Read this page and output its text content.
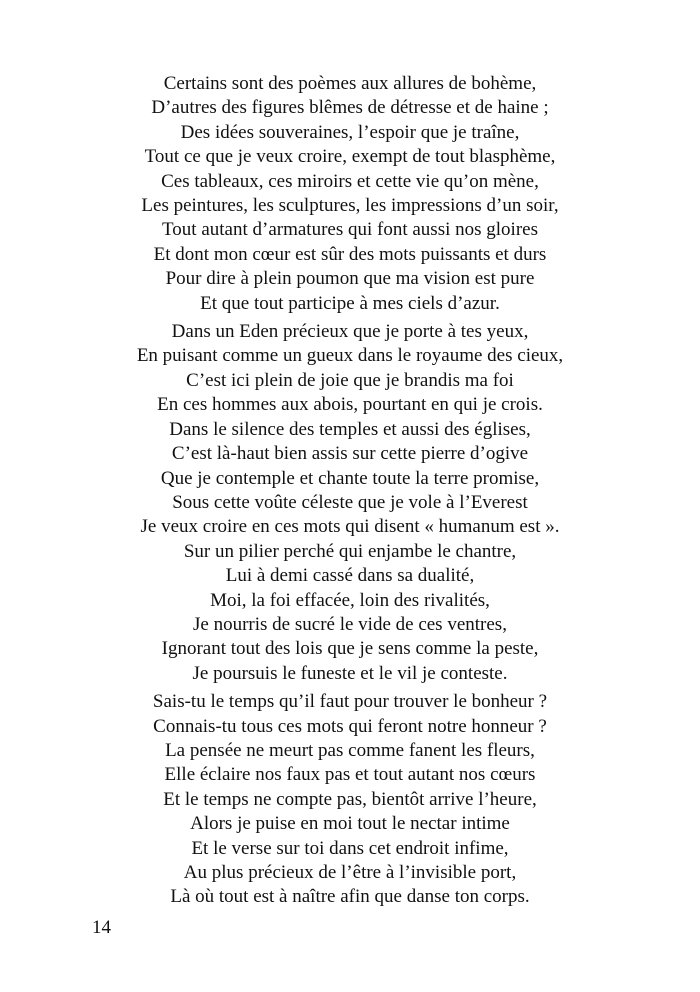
Certains sont des poèmes aux allures de bohème,
D’autres des figures blêmes de détresse et de haine ;
Des idées souveraines, l’espoir que je traîne,
Tout ce que je veux croire, exempt de tout blasphème,
Ces tableaux, ces miroirs et cette vie qu’on mène,
Les peintures, les sculptures, les impressions d’un soir,
Tout autant d’armatures qui font aussi nos gloires
Et dont mon cœur est sûr des mots puissants et durs
Pour dire à plein poumon que ma vision est pure
Et que tout participe à mes ciels d’azur.
Dans un Eden précieux que je porte à tes yeux,
En puisant comme un gueux dans le royaume des cieux,
C’est ici plein de joie que je brandis ma foi
En ces hommes aux abois, pourtant en qui je crois.
Dans le silence des temples et aussi des églises,
C’est là-haut bien assis sur cette pierre d’ogive
Que je contemple et chante toute la terre promise,
Sous cette voûte céleste que je vole à l’Everest
Je veux croire en ces mots qui disent « humanum est ».
Sur un pilier perché qui enjambe le chantre,
Lui à demi cassé dans sa dualité,
Moi, la foi effacée, loin des rivalités,
Je nourris de sucré le vide de ces ventres,
Ignorant tout des lois que je sens comme la peste,
Je poursuis le funeste et le vil je conteste.
Sais-tu le temps qu’il faut pour trouver le bonheur ?
Connais-tu tous ces mots qui feront notre honneur ?
La pensée ne meurt pas comme fanent les fleurs,
Elle éclaire nos faux pas et tout autant nos cœurs
Et le temps ne compte pas, bientôt arrive l’heure,
Alors je puise en moi tout le nectar intime
Et le verse sur toi dans cet endroit infime,
Au plus précieux de l’être à l’invisible port,
Là où tout est à naître afin que danse ton corps.
14
